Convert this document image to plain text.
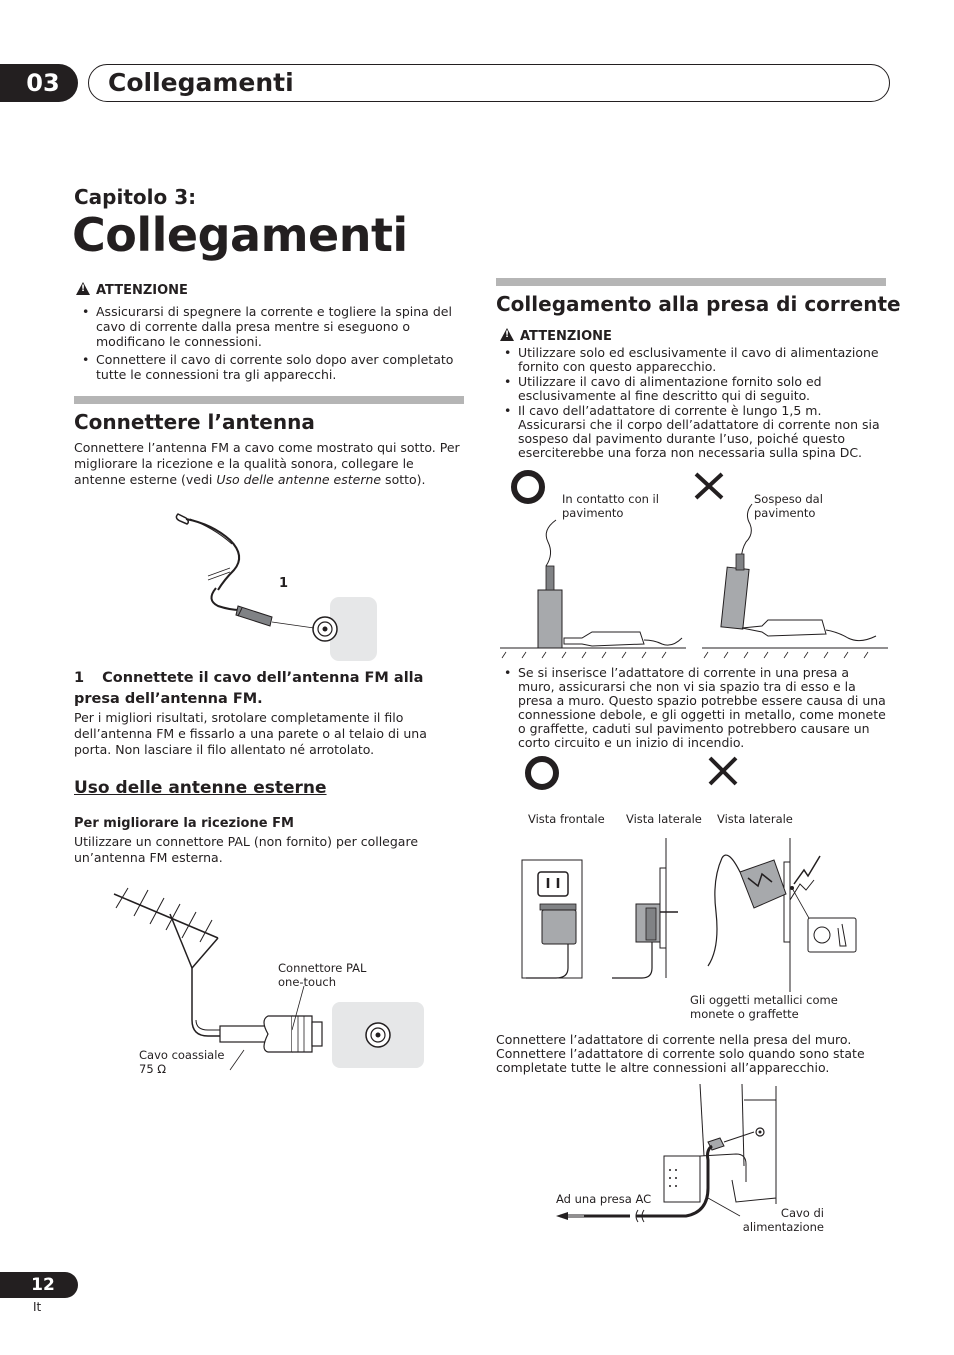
03	Collegamenti
Capitolo 3:
Collegamenti
!ATTENZIONE
• Assicurarsi di spegnere la corrente e togliere la spina del cavo di corrente dalla presa mentre si eseguono o modificano le connessioni.
• Connettere il cavo di corrente solo dopo aver completato tutte le connessioni tra gli apparecchi.
Connettere l’antenna
Connettere l’antenna FM a cavo come mostrato qui sotto. Per migliorare la ricezione e la qualità sonora, collegare le antenne esterne (vedi Uso delle antenne esterne sotto).
1
1 Connettete il cavo dell’antenna FM alla presa dell’antenna FM.
Per i migliori risultati, srotolare completamente il filo dell’antenna FM e fissarlo a una parete o al telaio di una porta. Non lasciare il filo allentato né arrotolato.
Uso delle antenne esterne
Per migliorare la ricezione FM
Utilizzare un connettore PAL (non fornito) per collegare un’antenna FM esterna.
Connettore PAL
one-touch
Cavo coassiale
75 Ω
Collegamento alla presa di corrente
!ATTENZIONE
• Utilizzare solo ed esclusivamente il cavo di alimentazione fornito con questo apparecchio.
• Utilizzare il cavo di alimentazione fornito solo ed esclusivamente al fine descritto qui di seguito.
• Il cavo dell’adattatore di corrente è lungo 1,5 m. Assicurarsi che il corpo dell’adattatore di corrente non sia sospeso dal pavimento durante l’uso, poiché questo eserciterebbe una forza non necessaria sulla spina DC.
In contatto con il
pavimento
Sospeso dal
pavimento
• Se si inserisce l’adattatore di corrente in una presa a muro, assicurarsi che non vi sia spazio tra di esso e la presa a muro. Questo spazio potrebbe essere causa di una connessione debole, e gli oggetti in metallo, come monete o graffette, caduti sul pavimento potrebbero causare un corto circuito e un inizio di incendio.
Vista frontale Vista laterale Vista laterale
Gli oggetti metallici come
monete o graffette
Connettere l’adattatore di corrente nella presa del muro. Connettere l’adattatore di corrente solo quando sono state completate tutte le altre connessioni all’apparecchio.
Ad una presa AC
Cavo di
alimentazione
12
It
